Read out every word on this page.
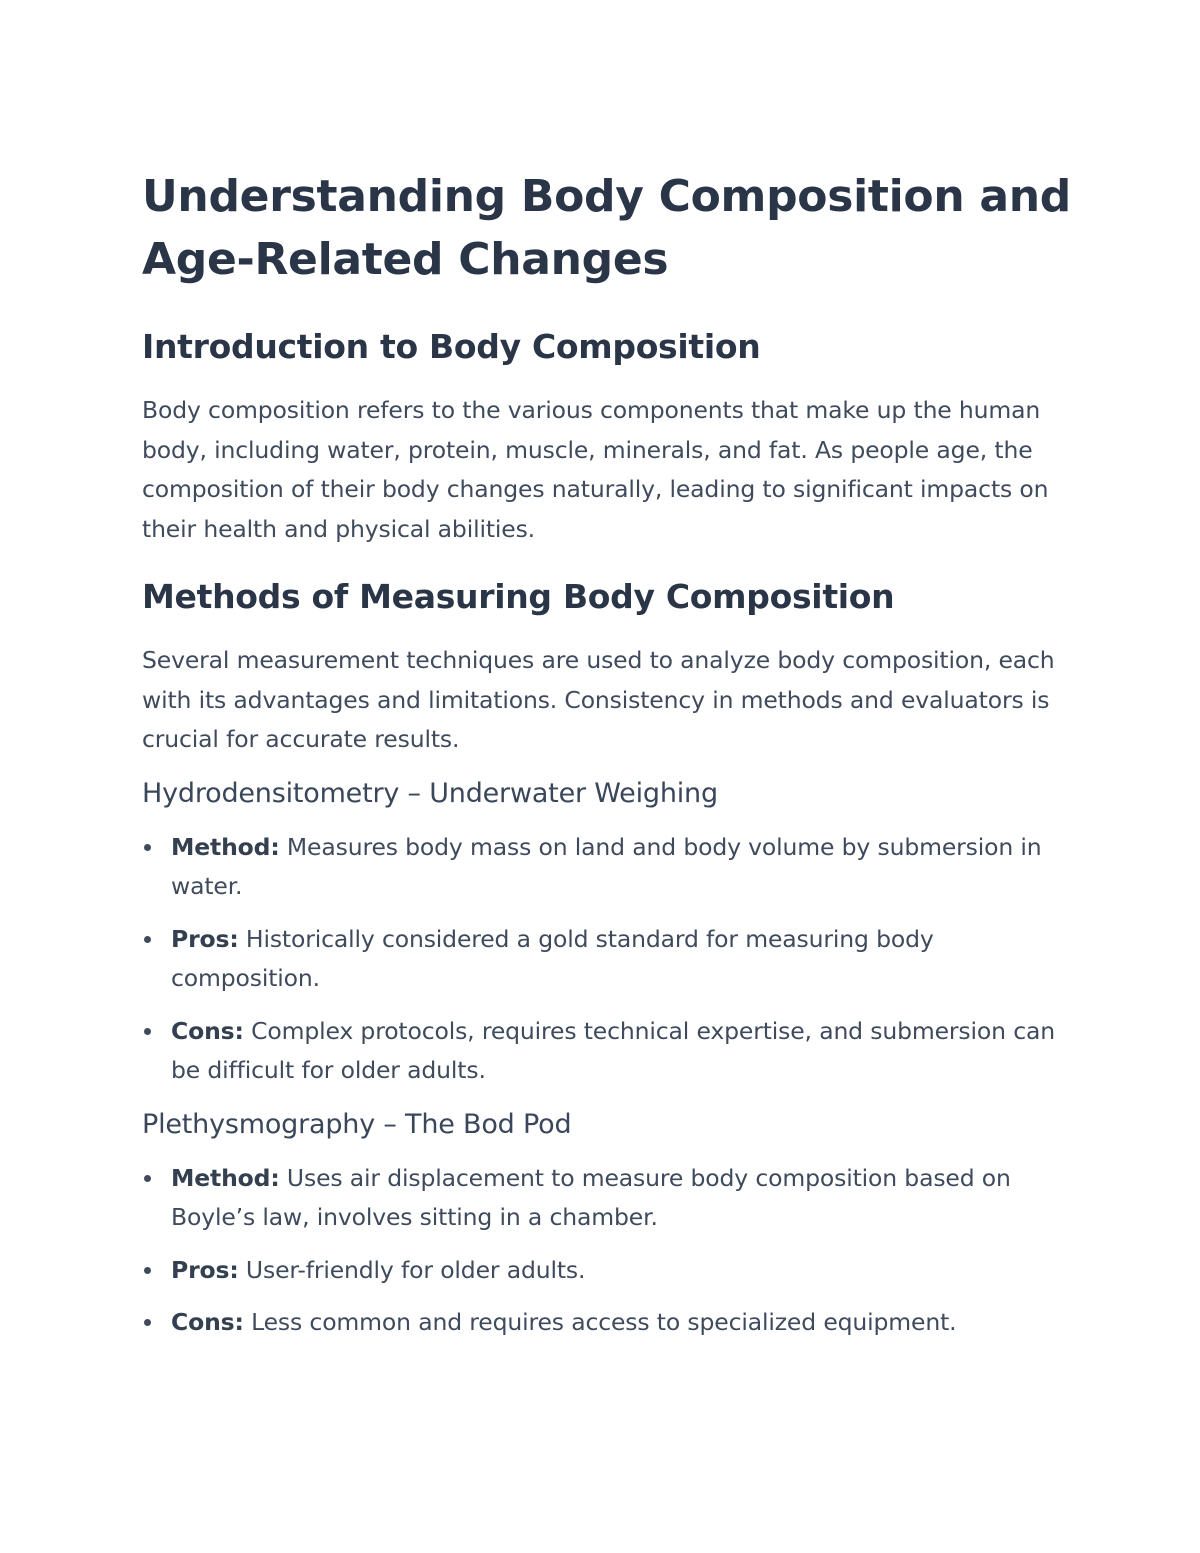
Understanding Body Composition and Age-Related Changes
Introduction to Body Composition

Body composition refers to the various components that make up the human body, including water, protein, muscle, minerals, and fat. As people age, the composition of their body changes naturally, leading to significant impacts on their health and physical abilities.

Methods of Measuring Body Composition

Several measurement techniques are used to analyze body composition, each with its advantages and limitations. Consistency in methods and evaluators is crucial for accurate results.

Hydrodensitometry – Underwater Weighing
Method: Measures body mass on land and body volume by submersion in water.
Pros: Historically considered a gold standard for measuring body composition.
Cons: Complex protocols, requires technical expertise, and submersion can be difficult for older adults.
Plethysmography – The Bod Pod
Method: Uses air displacement to measure body composition based on Boyle’s law, involves sitting in a chamber.
Pros: User-friendly for older adults.
Cons: Less common and requires access to specialized equipment.
